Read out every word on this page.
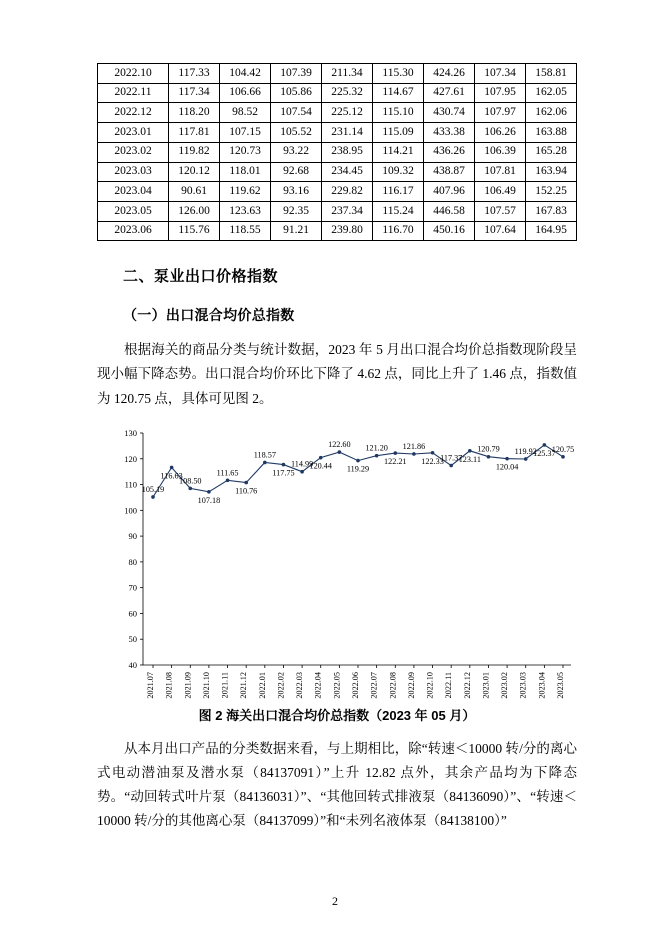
2022.10	117.33	104.42	107.39	211.34	115.30	424.26	107.34	158.81
2022.11	117.34	106.66	105.86	225.32	114.67	427.61	107.95	162.05
2022.12	118.20	98.52	107.54	225.12	115.10	430.74	107.97	162.06
2023.01	117.81	107.15	105.52	231.14	115.09	433.38	106.26	163.88
2023.02	119.82	120.73	93.22	238.95	114.21	436.26	106.39	165.28
2023.03	120.12	118.01	92.68	234.45	109.32	438.87	107.81	163.94
2023.04	90.61	119.62	93.16	229.82	116.17	407.96	106.49	152.25
2023.05	126.00	123.63	92.35	237.34	115.24	446.58	107.57	167.83
2023.06	115.76	118.55	91.21	239.80	116.70	450.16	107.64	164.95
二、泵业出口价格指数
（一）出口混合均价总指数

根据海关的商品分类与统计数据，2023 年 5 月出口混合均价总指数现阶段呈现小幅下降态势。出口混合均价环比下降了 4.62 点，同比上升了 1.46 点，指数值为 120.75 点，具体可见图 2。

40
50
60
70
80
90
100
110
120
130
2021.07 2021.08 2021.09 2021.10 2021.11 2021.12 2022.01 2022.02 2022.03 2022.04 2022.05 2022.06 2022.07 2022.08 2022.09 2022.10 2022.11 2022.12 2023.01 2023.02 2023.03 2023.04 2023.05
105.19
116.63
108.50
107.18
111.65
110.76
118.57
117.75
114.99
120.44
122.60
119.29
121.20
122.21
121.86
122.33
117.37
123.11
120.79
120.04
119.92
125.37
120.75
图 2 海关出口混合均价总指数（2023 年 05 月）

从本月出口产品的分类数据来看，与上期相比，除“转速＜10000 转/分的离心式电动潜油泵及潜水泵（84137091）”上升 12.82 点外，其余产品均为下降态势。“动回转式叶片泵（84136031）”、“其他回转式排液泵（84136090）”、“转速＜10000 转/分的其他离心泵（84137099）”和“未列名液体泵（84138100）”

2
